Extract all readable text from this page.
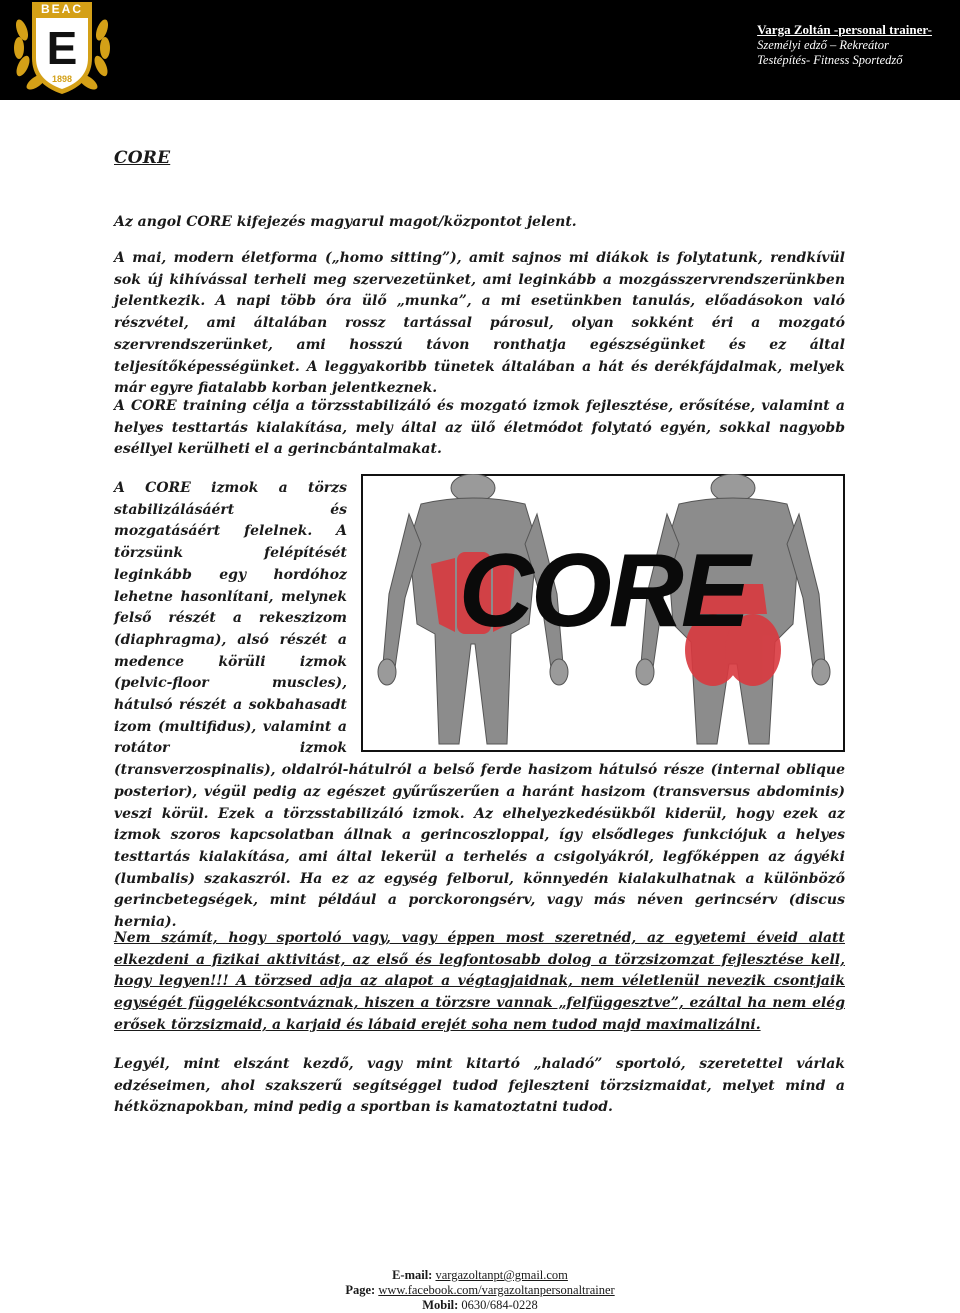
BEAC
E
1898
Varga Zoltán -personal trainer-
Személyi edző – Rekreátor
Testépítés- Fitness Sportedző
CORE

Az angol CORE kifejezés magyarul magot/központot jelent.

A mai, modern életforma („homo sitting”), amit sajnos mi diákok is folytatunk, rendkívül sok új kihívással terheli meg szervezetünket, ami leginkább a mozgásszervrendszerünkben jelentkezik. A napi több óra ülő „munka”, a mi esetünkben tanulás, előadásokon való részvétel, ami általában rossz tartással párosul, olyan sokként éri a mozgató szervrendszerünket, ami hosszú távon ronthatja egészségünket és ez által teljesítőképességünket. A leggyakoribb tünetek általában a hát és derékfájdalmak, melyek már egyre fiatalabb korban jelentkeznek.

A CORE training célja a törzsstabilizáló és mozgató izmok fejlesztése, erősítése, valamint a helyes testtartás kialakítása, mely által az ülő életmódot folytató egyén, sokkal nagyobb eséllyel kerülheti el a gerincbántalmakat.

CORE
A CORE izmok a törzs stabilizálásáért és mozgatásáért felelnek. A törzsünk felépítését leginkább egy hordóhoz lehetne hasonlítani, melynek felső részét a rekeszizom (diaphragma), alsó részét a medence körüli izmok (pelvic-floor muscles), hátulsó részét a sokbahasadt izom (multifidus), valamint a rotátor izmok (transverzospinalis), oldalról-hátulról a belső ferde hasizom hátulsó része (internal oblique posterior), végül pedig az egészet gyűrűszerűen a haránt hasizom (transversus abdominis) veszi körül. Ezek a törzsstabilizáló izmok. Az elhelyezkedésükből kiderül, hogy ezek az izmok szoros kapcsolatban állnak a gerincoszloppal, így elsődleges funkciójuk a helyes testtartás kialakítása, ami által lekerül a terhelés a csigolyákról, legfőképpen az ágyéki (lumbalis) szakaszról. Ha ez az egység felborul, könnyedén kialakulhatnak a különböző gerincbetegségek, mint például a porckorongsérv, vagy más néven gerincsérv (discus hernia).

Nem számít, hogy sportoló vagy, vagy éppen most szeretnéd, az egyetemi éveid alatt elkezdeni a fizikai aktivitást, az első és legfontosabb dolog a törzsizomzat fejlesztése kell, hogy legyen!!! A törzsed adja az alapot a végtagjaidnak, nem véletlenül nevezik csontjaik egységét függelékcsontváznak, hiszen a törzsre vannak „felfüggesztve”, ezáltal ha nem elég erősek törzsizmaid, a karjaid és lábaid erejét soha nem tudod majd maximalizálni.

Legyél, mint elszánt kezdő, vagy mint kitartó „haladó” sportoló, szeretettel várlak edzéseimen, ahol szakszerű segítséggel tudod fejleszteni törzsizmaidat, melyet mind a hétköznapokban, mind pedig a sportban is kamatoztatni tudod.

E-mail: vargazoltanpt@gmail.com
Page: www.facebook.com/vargazoltanpersonaltrainer
Mobil: 0630/684-0228
